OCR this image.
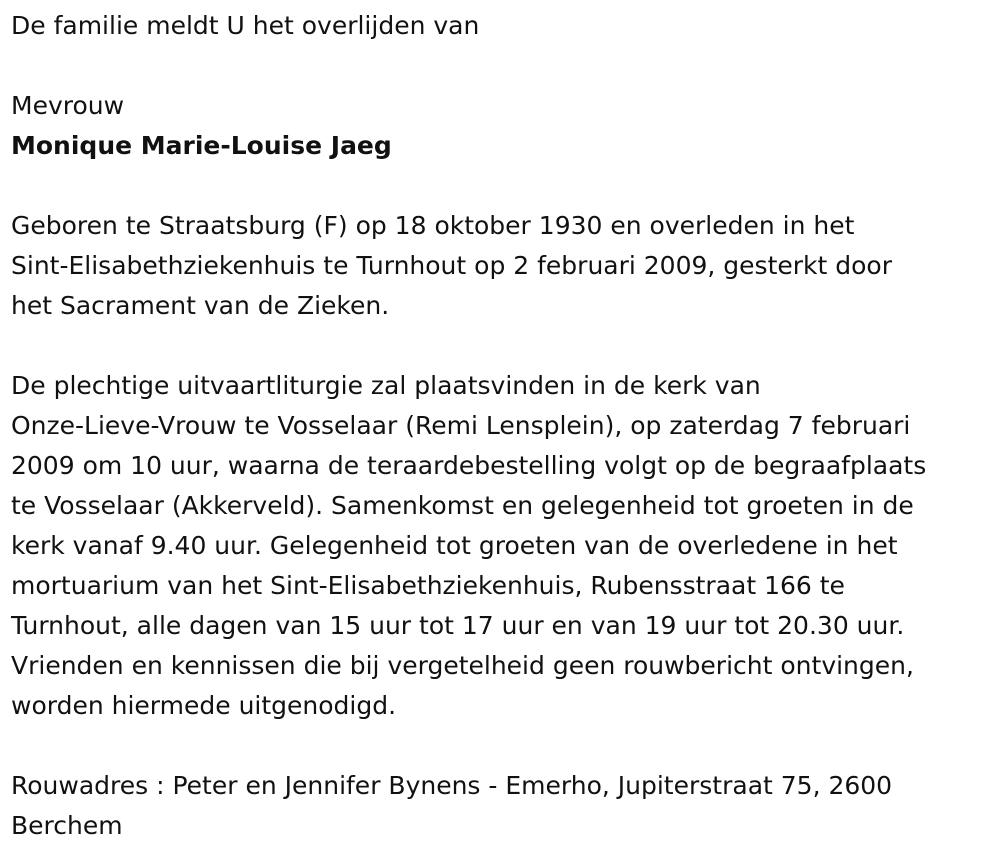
De familie meldt U het overlijden van
Mevrouw
Monique Marie-Louise Jaeg
Geboren te Straatsburg (F) op 18 oktober 1930 en overleden in het
Sint-Elisabethziekenhuis te Turnhout op 2 februari 2009, gesterkt door
het Sacrament van de Zieken.
De plechtige uitvaartliturgie zal plaatsvinden in de kerk van
Onze-Lieve-Vrouw te Vosselaar (Remi Lensplein), op zaterdag 7 februari
2009 om 10 uur, waarna de teraardebestelling volgt op de begraafplaats
te Vosselaar (Akkerveld). Samenkomst en gelegenheid tot groeten in de
kerk vanaf 9.40 uur. Gelegenheid tot groeten van de overledene in het
mortuarium van het Sint-Elisabethziekenhuis, Rubensstraat 166 te
Turnhout, alle dagen van 15 uur tot 17 uur en van 19 uur tot 20.30 uur.
Vrienden en kennissen die bij vergetelheid geen rouwbericht ontvingen,
worden hiermede uitgenodigd.
Rouwadres : Peter en Jennifer Bynens - Emerho, Jupiterstraat 75, 2600
Berchem
